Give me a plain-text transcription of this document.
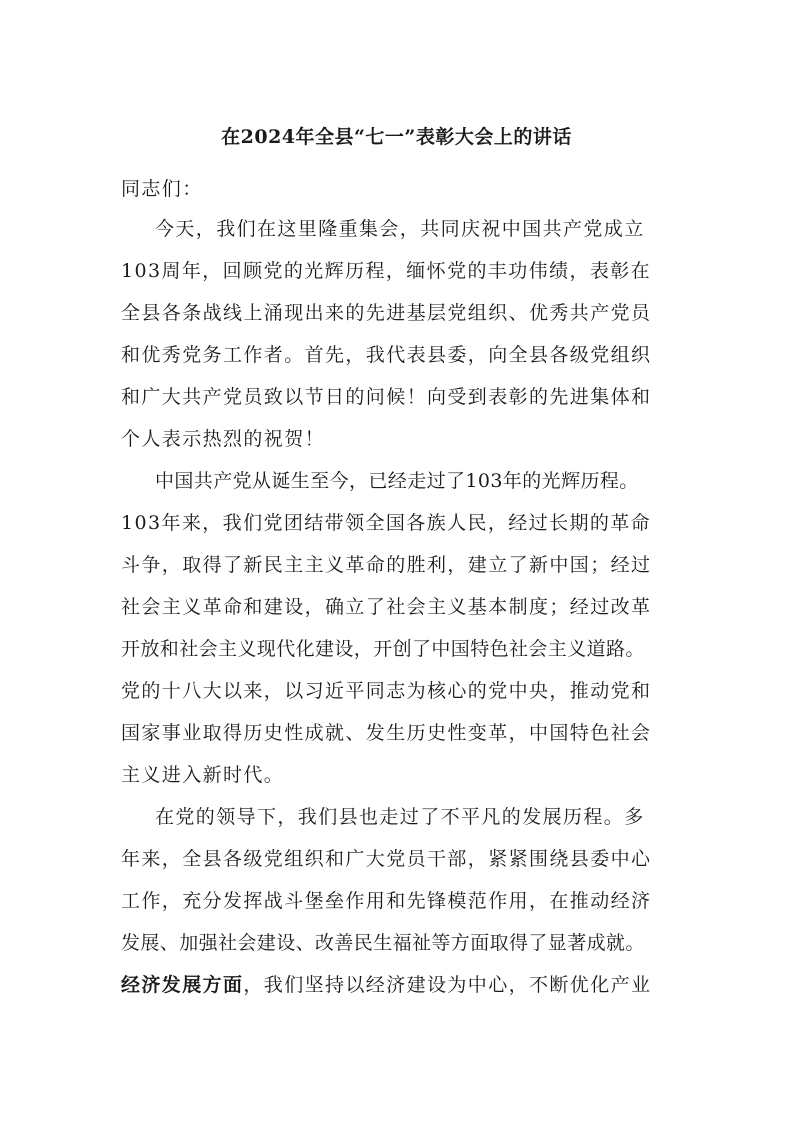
在2024年全县“七一”表彰大会上的讲话
同志们：
今天，我们在这里隆重集会，共同庆祝中国共产党成立
103周年，回顾党的光辉历程，缅怀党的丰功伟绩，表彰在
全县各条战线上涌现出来的先进基层党组织、优秀共产党员
和优秀党务工作者。首先，我代表县委，向全县各级党组织
和广大共产党员致以节日的问候！向受到表彰的先进集体和
个人表示热烈的祝贺！
中国共产党从诞生至今，已经走过了103年的光辉历程。
103年来，我们党团结带领全国各族人民，经过长期的革命
斗争，取得了新民主主义革命的胜利，建立了新中国；经过
社会主义革命和建设，确立了社会主义基本制度；经过改革
开放和社会主义现代化建设，开创了中国特色社会主义道路。
党的十八大以来，以习近平同志为核心的党中央，推动党和
国家事业取得历史性成就、发生历史性变革，中国特色社会
主义进入新时代。
在党的领导下，我们县也走过了不平凡的发展历程。多
年来，全县各级党组织和广大党员干部，紧紧围绕县委中心
工作，充分发挥战斗堡垒作用和先锋模范作用，在推动经济
发展、加强社会建设、改善民生福祉等方面取得了显著成就。
经济发展方面，我们坚持以经济建设为中心，不断优化产业
